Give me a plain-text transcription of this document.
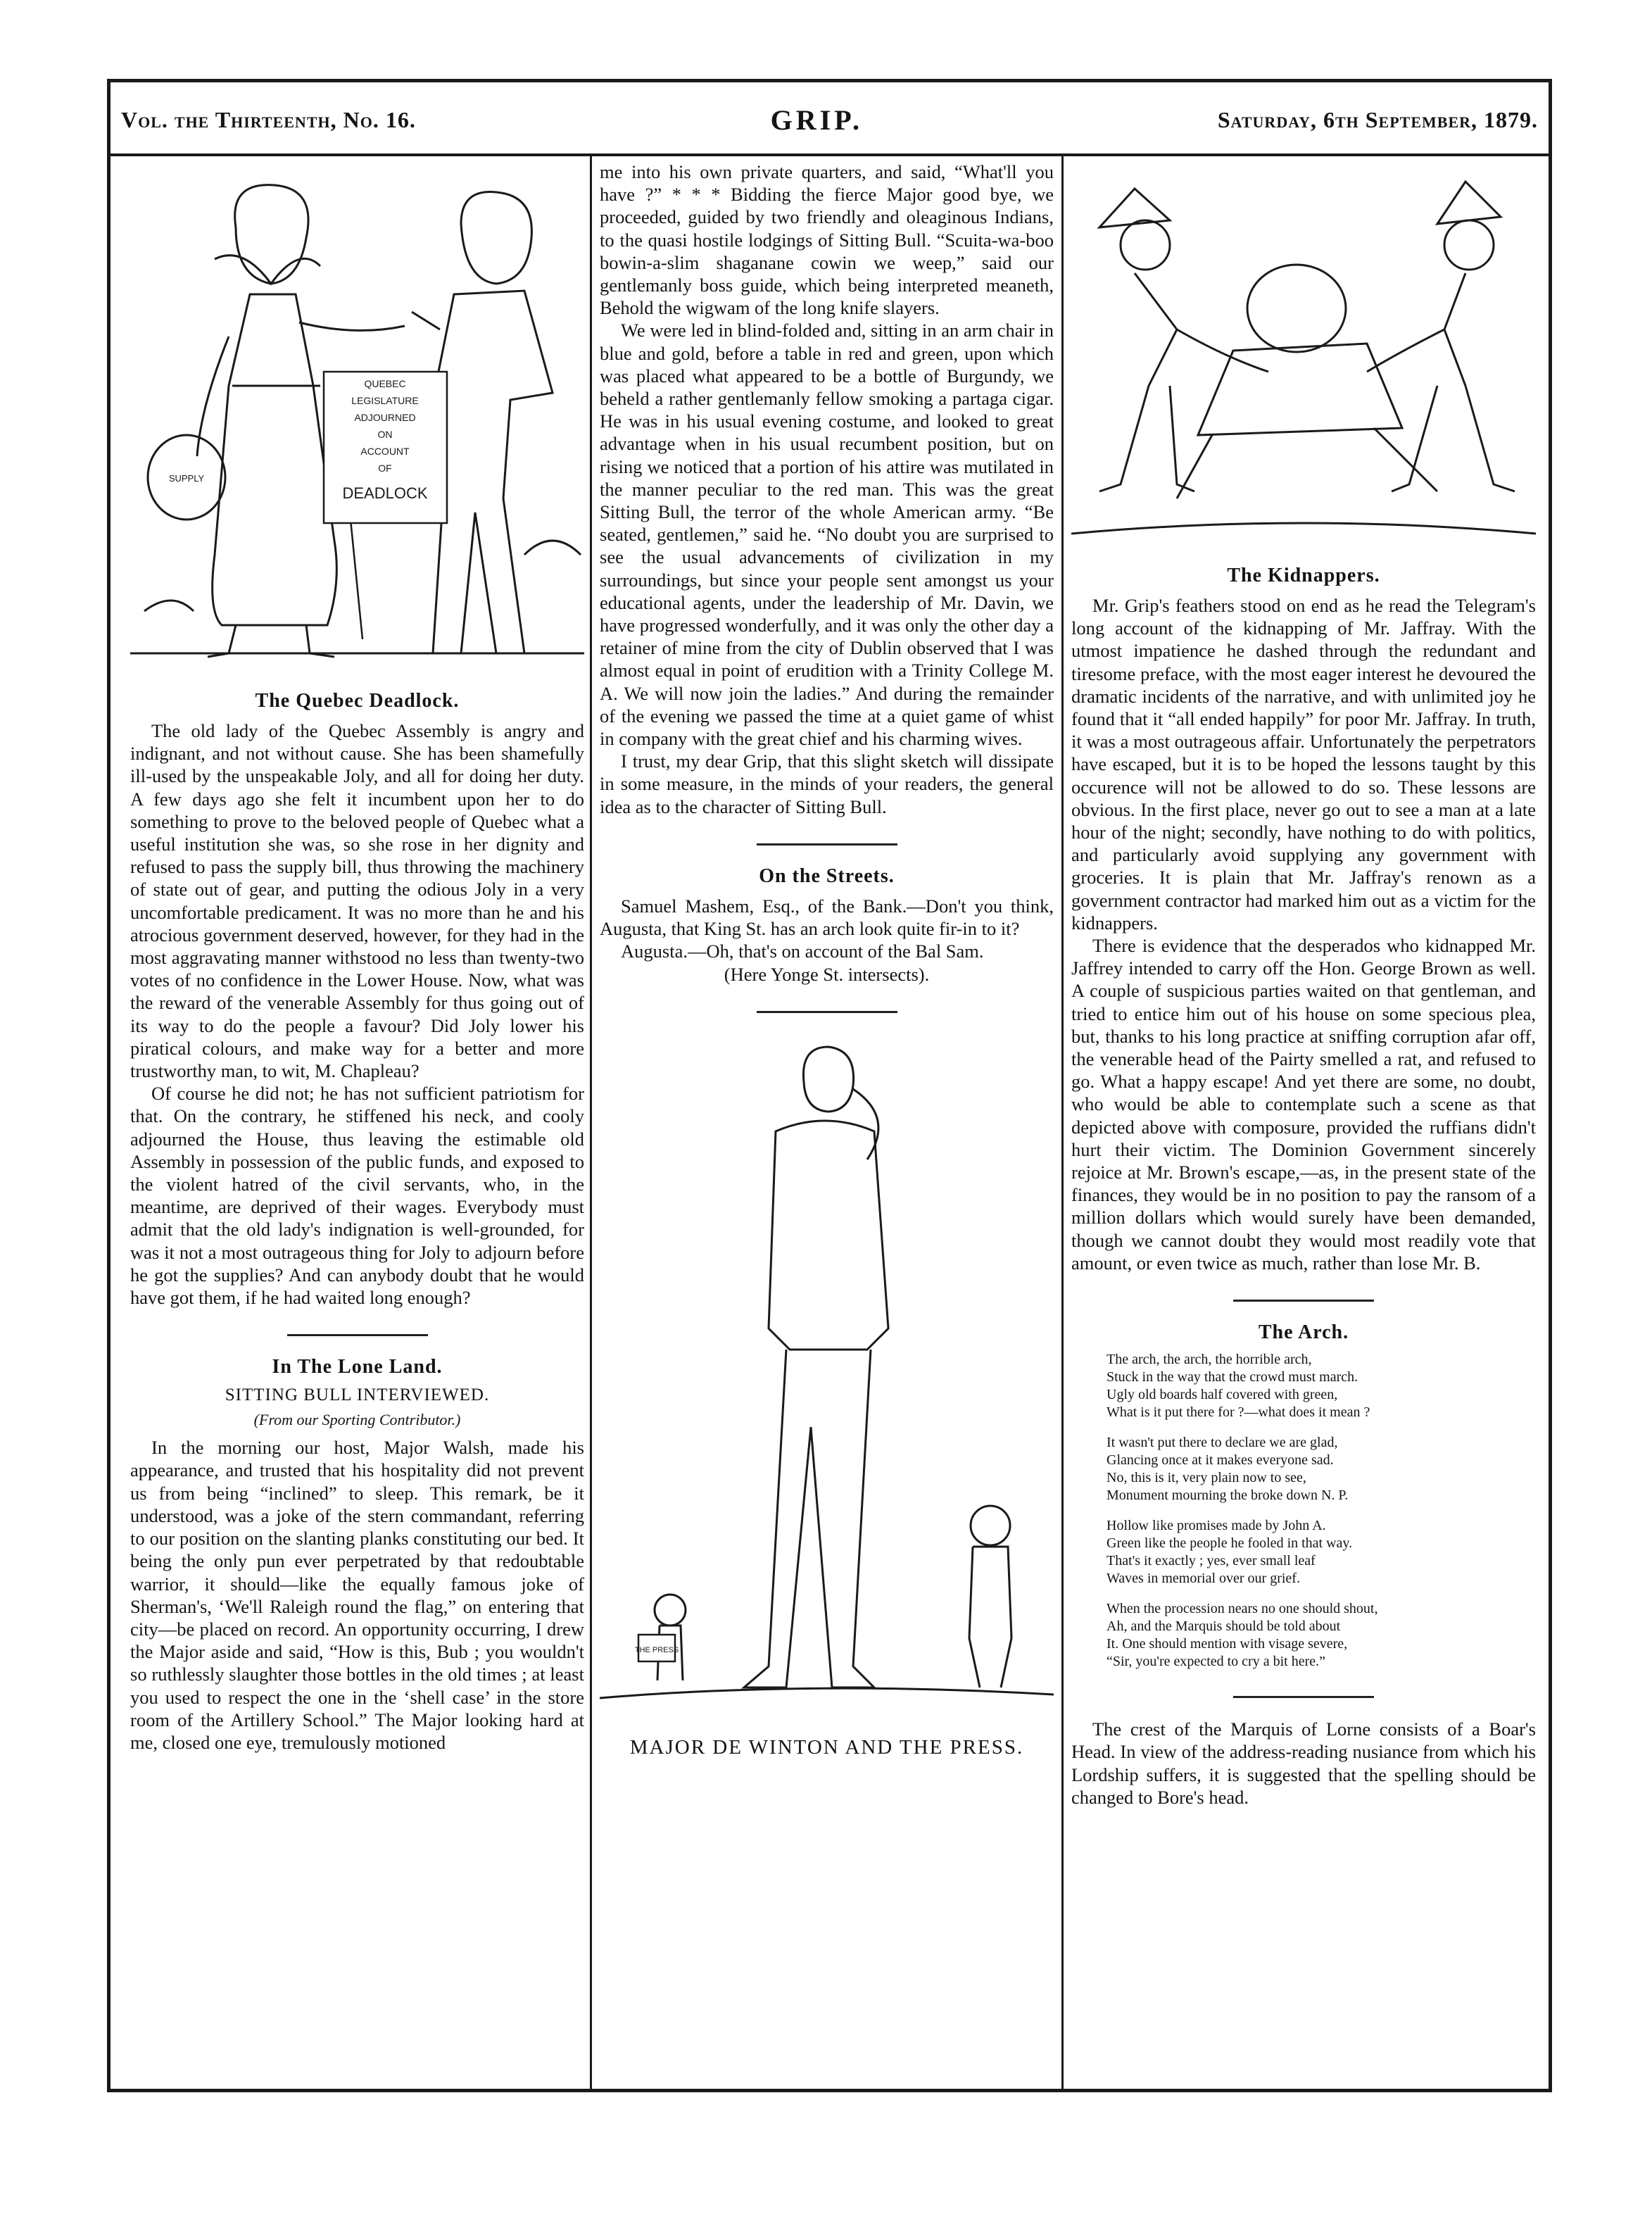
Vol. the Thirteenth, No. 16.	GRIP.	Saturday, 6th September, 1879.
QUEBEC
LEGISLATURE
ADJOURNED
ON
ACCOUNT
OF
DEADLOCK
SUPPLY
The Quebec Deadlock.

The old lady of the Quebec Assembly is angry and indignant, and not without cause. She has been shamefully ill-used by the unspeakable Joly, and all for doing her duty. A few days ago she felt it incumbent upon her to do something to prove to the beloved people of Quebec what a useful institution she was, so she rose in her dignity and refused to pass the supply bill, thus throwing the machinery of state out of gear, and putting the odious Joly in a very uncomfortable predicament. It was no more than he and his atrocious government deserved, however, for they had in the most aggravating manner withstood no less than twenty-two votes of no confidence in the Lower House. Now, what was the reward of the venerable Assembly for thus going out of its way to do the people a favour? Did Joly lower his piratical colours, and make way for a better and more trustworthy man, to wit, M. Chapleau?

Of course he did not; he has not sufficient patriotism for that. On the contrary, he stiffened his neck, and cooly adjourned the House, thus leaving the estimable old Assembly in possession of the public funds, and exposed to the violent hatred of the civil servants, who, in the meantime, are deprived of their wages. Everybody must admit that the old lady's indignation is well-grounded, for was it not a most outrageous thing for Joly to adjourn before he got the supplies? And can anybody doubt that he would have got them, if he had waited long enough?

In The Lone Land.
SITTING BULL INTERVIEWED.
(From our Sporting Contributor.)

In the morning our host, Major Walsh, made his appearance, and trusted that his hospitality did not prevent us from being “inclined” to sleep. This remark, be it understood, was a joke of the stern commandant, referring to our position on the slanting planks constituting our bed. It being the only pun ever perpetrated by that redoubtable warrior, it should—like the equally famous joke of Sherman's, ‘We'll Raleigh round the flag,” on entering that city—be placed on record. An opportunity occurring, I drew the Major aside and said, “How is this, Bub ; you wouldn't so ruthlessly slaughter those bottles in the old times ; at least you used to respect the one in the ‘shell case’ in the store room of the Artillery School.” The Major looking hard at me, closed one eye, tremulously motioned

me into his own private quarters, and said, “What'll you have ?” * * * Bidding the fierce Major good bye, we proceeded, guided by two friendly and oleaginous Indians, to the quasi hostile lodgings of Sitting Bull. “Scuita-wa-boo bowin-a-slim shaganane cowin we weep,” said our gentlemanly boss guide, which being interpreted meaneth, Behold the wigwam of the long knife slayers.

We were led in blind-folded and, sitting in an arm chair in blue and gold, before a table in red and green, upon which was placed what appeared to be a bottle of Burgundy, we beheld a rather gentlemanly fellow smoking a partaga cigar. He was in his usual evening costume, and looked to great advantage when in his usual recumbent position, but on rising we noticed that a portion of his attire was mutilated in the manner peculiar to the red man. This was the great Sitting Bull, the terror of the whole American army. “Be seated, gentlemen,” said he. “No doubt you are surprised to see the usual advancements of civilization in my surroundings, but since your people sent amongst us your educational agents, under the leadership of Mr. Davin, we have progressed wonderfully, and it was only the other day a retainer of mine from the city of Dublin observed that I was almost equal in point of erudition with a Trinity College M. A. We will now join the ladies.” And during the remainder of the evening we passed the time at a quiet game of whist in company with the great chief and his charming wives.

I trust, my dear Grip, that this slight sketch will dissipate in some measure, in the minds of your readers, the general idea as to the character of Sitting Bull.

On the Streets.

Samuel Mashem, Esq., of the Bank.—Don't you think, Augusta, that King St. has an arch look quite fir-in to it?

Augusta.—Oh, that's on account of the Bal Sam.

(Here Yonge St. intersects).

THE PRESS
MAJOR DE WINTON AND THE PRESS.
The Kidnappers.

Mr. Grip's feathers stood on end as he read the Telegram's long account of the kidnapping of Mr. Jaffray. With the utmost impatience he dashed through the redundant and tiresome preface, with the most eager interest he devoured the dramatic incidents of the narrative, and with unlimited joy he found that it “all ended happily” for poor Mr. Jaffray. In truth, it was a most outrageous affair. Unfortunately the perpetrators have escaped, but it is to be hoped the lessons taught by this occurence will not be allowed to do so. These lessons are obvious. In the first place, never go out to see a man at a late hour of the night; secondly, have nothing to do with politics, and particularly avoid supplying any government with groceries. It is plain that Mr. Jaffray's renown as a government contractor had marked him out as a victim for the kidnappers.

There is evidence that the desperados who kidnapped Mr. Jaffrey intended to carry off the Hon. George Brown as well. A couple of suspicious parties waited on that gentleman, and tried to entice him out of his house on some specious plea, but, thanks to his long practice at sniffing corruption afar off, the venerable head of the Pairty smelled a rat, and refused to go. What a happy escape! And yet there are some, no doubt, who would be able to contemplate such a scene as that depicted above with composure, provided the ruffians didn't hurt their victim. The Dominion Government sincerely rejoice at Mr. Brown's escape,—as, in the present state of the finances, they would be in no position to pay the ransom of a million dollars which would surely have been demanded, though we cannot doubt they would most readily vote that amount, or even twice as much, rather than lose Mr. B.

The Arch.
The arch, the arch, the horrible arch,
Stuck in the way that the crowd must march.
Ugly old boards half covered with green,
What is it put there for ?—what does it mean ?
It wasn't put there to declare we are glad,
Glancing once at it makes everyone sad.
No, this is it, very plain now to see,
Monument mourning the broke down N. P.
Hollow like promises made by John A.
Green like the people he fooled in that way.
That's it exactly ; yes, ever small leaf
Waves in memorial over our grief.
When the procession nears no one should shout,
Ah, and the Marquis should be told about
It. One should mention with visage severe,
“Sir, you're expected to cry a bit here.”

The crest of the Marquis of Lorne consists of a Boar's Head. In view of the address-reading nusiance from which his Lordship suffers, it is suggested that the spelling should be changed to Bore's head.
